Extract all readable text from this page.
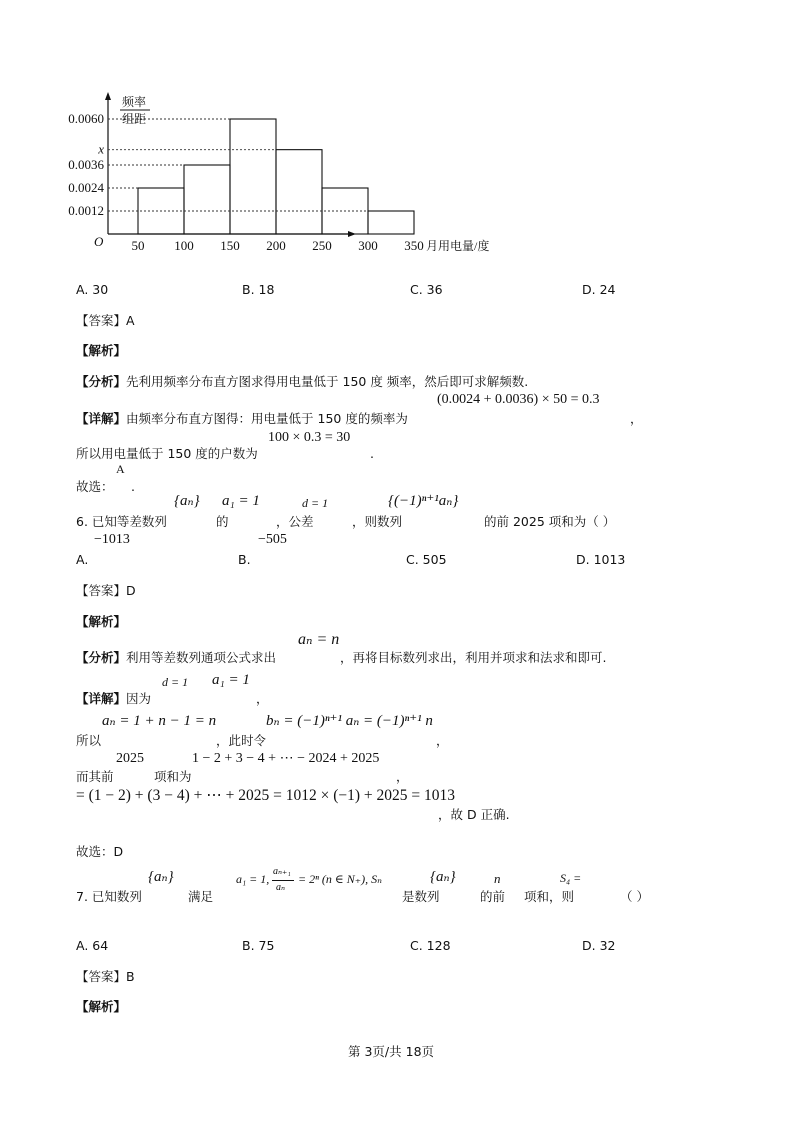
0.0060
x
0.0036
0.0024
0.0012
50 100 150 200 250 300 350 月用电量/度
O
频率
组距
A. 30	B. 18	C. 36	D. 24
【答案】A
【解析】
(0.0024 + 0.0036) × 50 = 0.3
【分析】先利用频率分布直方图求得用电量低于 150 度 频率，然后即可求解频数.
【详解】由频率分布直方图得：用电量低于 150 度的频率为	，
100 × 0.3 = 30
所以用电量低于 150 度的户数为	.
A
故选： .
{aₙ} a₁ = 1	d = 1	{(−1)ⁿ⁺¹aₙ}
6. 已知等差数列	的	，公差	，则数列	的前 2025 项和为（ ）
−1013	−505
A.	B.	C. 505	D. 1013
【答案】D
【解析】
aₙ = n
【分析】利用等差数列通项公式求出	，再将目标数列求出，利用并项求和法求和即可.
d = 1 a₁ = 1
【详解】因为	，
aₙ = 1 + n − 1 = n	bₙ = (−1)ⁿ⁺¹ aₙ = (−1)ⁿ⁺¹ n
所以	，此时令	，
2025	1 − 2 + 3 − 4 + ⋯ − 2024 + 2025
而其前	项和为	，
= (1 − 2) + (3 − 4) + ⋯ + 2025 = 1012 × (−1) + 2025 = 1013
，故 D 正确.
故选：D
{aₙ}	a₁ = 1,
aₙ₊₁
aₙ
= 2ⁿ (n ∈ N₊), Sₙ	{aₙ}	n	S₄ =
7. 已知数列	满足	是数列	的前 项和，则	（ ）
A. 64	B. 75	C. 128	D. 32
【答案】B
【解析】
第 3页/共 18页
